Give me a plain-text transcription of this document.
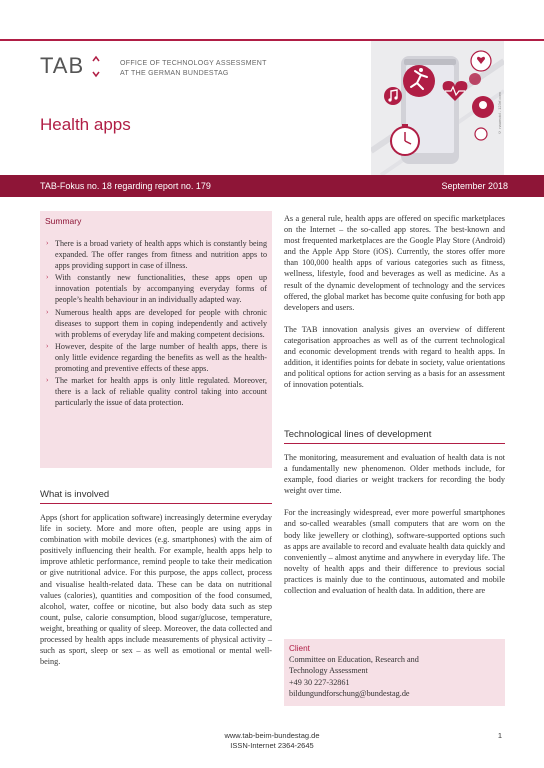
TAB	OFFICE OF TECHNOLOGY ASSESSMENT
AT THE GERMAN BUNDESTAG
Health apps	© naumoid - 123rf.com
TAB-Fokus no. 18 regarding report no. 179	September 2018
Summary
› There is a broad variety of health apps which is constantly being expanded. The offer ranges from fitness and nutrition apps to apps providing support in case of illness.
› With constantly new functionalities, these apps open up innovation potentials by accompanying everyday forms of people’s health behaviour in an individually adapted way.
› Numerous health apps are developed for people with chronic diseases to support them in coping independently and actively with problems of everyday life and making competent decisions.
› However, despite of the large number of health apps, there is only little evidence regarding the benefits as well as the health-promoting and preventive effects of these apps.
› The market for health apps is only little regulated. Moreover, there is a lack of reliable quality control taking into account particularly the issue of data protection.
What is involved

Apps (short for application software) increasingly determine everyday life in society. More and more often, people are using apps in combination with mobile devices (e.g. smartphones) with the aim of positively influencing their health. For example, health apps help to improve athletic performance, remind people to take their medication or give nutritional advice. For this purpose, the apps collect, process and visualise health-related data. These can be data on nutritional values (calories), quantities and composition of the food consumed, alcohol, water, coffee or nicotine, but also body data such as step count, pulse, calorie consumption, blood sugar/glucose, temperature, weight, breathing or quality of sleep. Moreover, the data collected and processed by health apps include measurements of physical activity – such as sport, sleep or sex – as well as emotional or mental well-being.

As a general rule, health apps are offered on specific marketplaces on the Internet – the so-called app stores. The best-known and most frequented marketplaces are the Google Play Store (Android) and the Apple App Store (iOS). Currently, the stores offer more than 100,000 health apps of various categories such as fitness, wellness, lifestyle, food and beverages as well as medicine. As a result of the dynamic development of technology and the services offered, the global market has become quite confusing for both app developers and users.

The TAB innovation analysis gives an overview of different categorisation approaches as well as of the current technological and economic development trends with regard to health apps. In addition, it identifies points for debate in society, value orientations and political options for action serving as a basis for an assessment of innovation potentials.

Technological lines of development

The monitoring, measurement and evaluation of health data is not a fundamentally new phenomenon. Older methods include, for example, food diaries or weight trackers for recording the body weight over time.

For the increasingly widespread, ever more powerful smartphones and so-called wearables (small computers that are worn on the body like jewellery or clothing), software-supported options such as apps are available to record and evaluate health data quickly and conveniently – almost anytime and anywhere in everyday life. The novelty of health apps and their difference to previous social practices is mainly due to the continuous, automated and mobile collection and evaluation of health data. In addition, there are

Client
Committee on Education, Research and
Technology Assessment
+49 30 227-32861
bildungundforschung@bundestag.de
www.tab-beim-bundestag.de
ISSN-Internet 2364-2645
1
